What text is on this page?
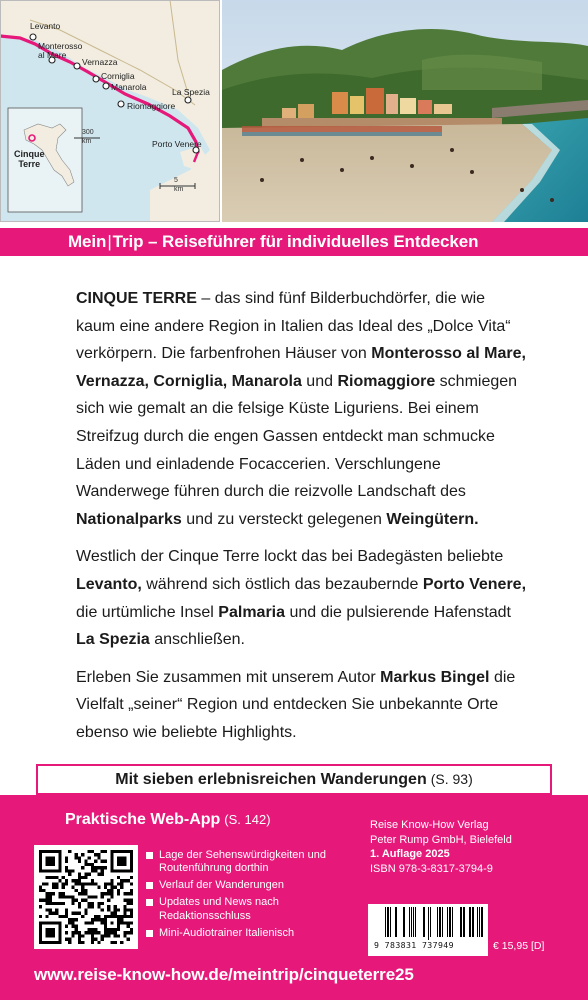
Levanto
Monterosso
al Mare
Vernazza
Corniglia
Manarola
Riomaggiore
La Spezia
Porto Venere
Cinque
Terre
300
km
5
km
Mein|Trip – Reiseführer für individuelles Entdecken

CINQUE TERRE – das sind fünf Bilderbuchdörfer, die wie kaum eine andere Region in Italien das Ideal des „Dolce Vita“ verkörpern. Die farbenfrohen Häuser von Monterosso al Mare, Vernazza, Corniglia, Manarola und Riomaggiore schmiegen sich wie gemalt an die felsige Küste Liguriens. Bei einem Streifzug durch die engen Gassen entdeckt man schmucke Läden und einladende Focaccerien. Verschlungene Wanderwege führen durch die reizvolle Landschaft des Nationalparks und zu versteckt gelegenen Weingütern.

Westlich der Cinque Terre lockt das bei Badegästen beliebte Levanto, während sich östlich das bezaubernde Porto Venere, die urtümliche Insel Palmaria und die pulsierende Hafenstadt La Spezia anschließen.

Erleben Sie zusammen mit unserem Autor Markus Bingel die Vielfalt „seiner“ Region und entdecken Sie unbekannte Orte ebenso wie beliebte Highlights.

Mit sieben erlebnisreichen Wanderungen (S. 93)
Praktische Web-App (S. 142)
Lage der Sehenswürdigkeiten und Routenführung dorthin
Verlauf der Wanderungen
Updates und News nach Redaktionsschluss
Mini-Audiotrainer Italienisch
Reise Know-How Verlag
Peter Rump GmbH, Bielefeld
1. Auflage 2025
ISBN 978-3-8317-3794-9
9 783831 737949	€ 15,95 [D]
www.reise-know-how.de/meintrip/cinqueterre25
